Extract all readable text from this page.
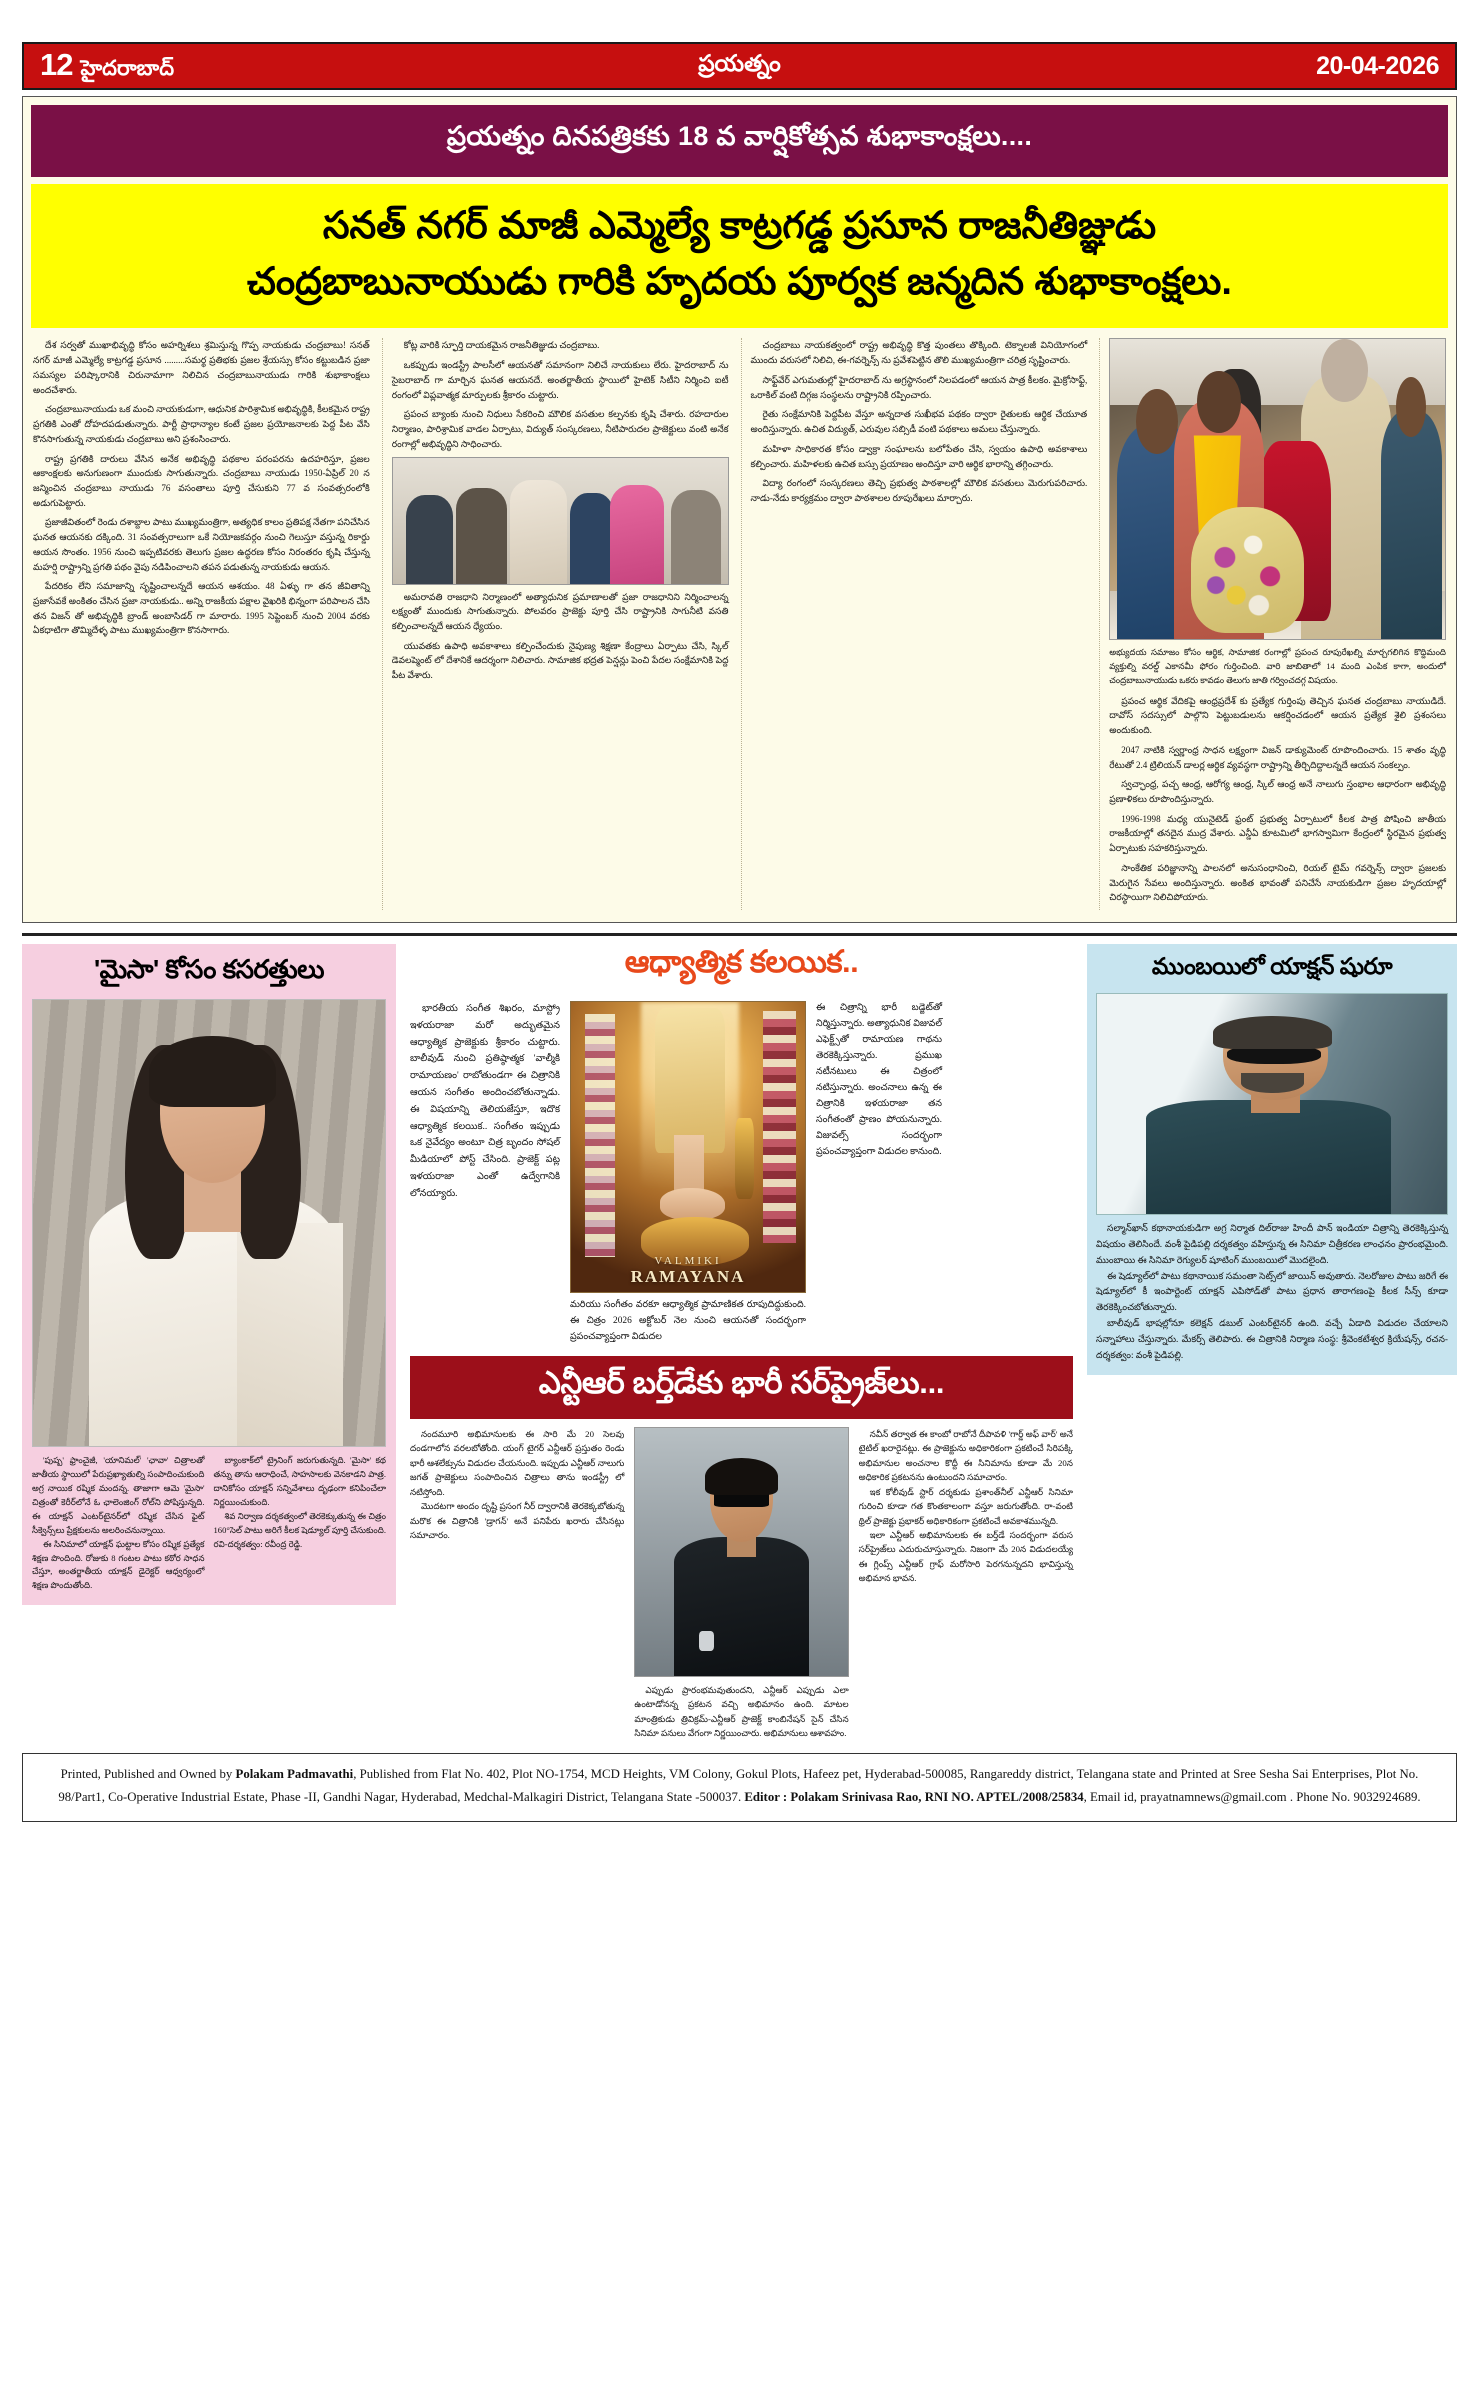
12 హైదరాబాద్	ప్రయత్నం	20-04-2026
ప్రయత్నం దినపత్రికకు 18 వ వార్షికోత్సవ శుభాకాంక్షలు....
సనత్ నగర్ మాజీ ఎమ్మెల్యే కాట్రగడ్డ ప్రసూన రాజనీతిజ్ఞుడు
చంద్రబాబునాయుడు గారికి హృదయ పూర్వక జన్మదిన శుభాకాంక్షలు.

దేశ సర్వతో ముఖాభివృద్ధి కోసం అహర్నిశలు శ్రమిస్తున్న గొప్ప నాయకుడు చంద్రబాబు! సనత్ నగర్ మాజీ ఎమ్మెల్యే కాట్రగడ్డ ప్రసూన .........సమర్థ ప్రతిభకు ప్రజల శ్రేయస్సు కోసం కట్టుబడిన ప్రజా సమస్యల పరిష్కారానికి చిరునామాగా నిలిచిన చంద్రబాబునాయుడు గారికి శుభాకాంక్షలు అందచేశారు.

చంద్రబాబునాయుడు ఒక మంచి నాయకుడుగా, ఆధునిక పారిశ్రామిక అభివృద్ధికి, కీలకమైన రాష్ట్ర ప్రగతికి ఎంతో దోహదపడుతున్నారు. పార్టీ ప్రాధాన్యాల కంటే ప్రజల ప్రయోజనాలకు పెద్ద పీట వేసి కొనసాగుతున్న నాయకుడు చంద్రబాబు అని ప్రశంసించారు.

రాష్ట్ర ప్రగతికి దారులు వేసిన అనేక అభివృద్ధి పథకాల పరంపరను ఉదహరిస్తూ, ప్రజల ఆకాంక్షలకు అనుగుణంగా ముందుకు సాగుతున్నారు. చంద్రబాబు నాయుడు 1950-ఏప్రిల్ 20 న జన్మించిన చంద్రబాబు నాయుడు 76 వసంతాలు పూర్తి చేసుకుని 77 వ సంవత్సరంలోకి అడుగుపెట్టారు.

ప్రజాజీవితంలో రెండు దశాబ్దాల పాటు ముఖ్యమంత్రిగా, అత్యధిక కాలం ప్రతిపక్ష నేతగా పనిచేసిన ఘనత ఆయనకు దక్కింది. 31 సంవత్సరాలుగా ఒకే నియోజకవర్గం నుంచి గెలుస్తూ వస్తున్న రికార్డు ఆయన సొంతం. 1956 నుంచి ఇప్పటివరకు తెలుగు ప్రజల ఉద్ధరణ కోసం నిరంతరం కృషి చేస్తున్న మహర్షి రాష్ట్రాన్ని ప్రగతి పథం వైపు నడిపించాలని తపన పడుతున్న నాయకుడు ఆయన.

పేదరికం లేని సమాజాన్ని సృష్టించాలన్నదే ఆయన ఆశయం. 48 ఏళ్ళు గా తన జీవితాన్ని ప్రజాసేవకే అంకితం చేసిన ప్రజా నాయకుడు.. అన్ని రాజకీయ పక్షాల వైఖరికి భిన్నంగా పరిపాలన చేసి తన విజన్ తో అభివృద్ధికి బ్రాండ్ అంబాసిడర్ గా మారారు. 1995 సెప్టెంబర్ నుంచి 2004 వరకు ఏకధాటిగా తొమ్మిదేళ్ళ పాటు ముఖ్యమంత్రిగా కొనసాగారు.

కోట్ల వారికి స్ఫూర్తి దాయకమైన రాజనీతిజ్ఞుడు చంద్రబాబు.

ఒకప్పుడు ఇండస్ట్రీ పాలసీలో ఆయనతో సమానంగా నిలిచే నాయకులు లేరు. హైదరాబాద్ ను సైబరాబాద్ గా మార్చిన ఘనత ఆయనదే. అంతర్జాతీయ స్థాయిలో హైటెక్ సిటీని నిర్మించి ఐటీ రంగంలో విప్లవాత్మక మార్పులకు శ్రీకారం చుట్టారు.

ప్రపంచ బ్యాంకు నుంచి నిధులు సేకరించి మౌలిక వసతుల కల్పనకు కృషి చేశారు. రహదారుల నిర్మాణం, పారిశ్రామిక వాడల ఏర్పాటు, విద్యుత్ సంస్కరణలు, నీటిపారుదల ప్రాజెక్టులు వంటి అనేక రంగాల్లో అభివృద్ధిని సాధించారు.

అమరావతి రాజధాని నిర్మాణంలో అత్యాధునిక ప్రమాణాలతో ప్రజా రాజధానిని నిర్మించాలన్న లక్ష్యంతో ముందుకు సాగుతున్నారు. పోలవరం ప్రాజెక్టు పూర్తి చేసి రాష్ట్రానికి సాగునీటి వసతి కల్పించాలన్నదే ఆయన ధ్యేయం.

యువతకు ఉపాధి అవకాశాలు కల్పించేందుకు నైపుణ్య శిక్షణా కేంద్రాలు ఏర్పాటు చేసి, స్కిల్ డెవలప్మెంట్ లో దేశానికే ఆదర్శంగా నిలిచారు. సామాజిక భద్రత పెన్షన్లు పెంచి పేదల సంక్షేమానికి పెద్ద పీట వేశారు.

చంద్రబాబు నాయకత్వంలో రాష్ట్ర అభివృద్ధి కొత్త పుంతలు తొక్కింది. టెక్నాలజీ వినియోగంలో ముందు వరుసలో నిలిచి, ఈ-గవర్నెన్స్ ను ప్రవేశపెట్టిన తొలి ముఖ్యమంత్రిగా చరిత్ర సృష్టించారు.

సాఫ్ట్‌వేర్ ఎగుమతుల్లో హైదరాబాద్ ను అగ్రస్థానంలో నిలపడంలో ఆయన పాత్ర కీలకం. మైక్రోసాఫ్ట్, ఒరాకిల్ వంటి దిగ్గజ సంస్థలను రాష్ట్రానికి రప్పించారు.

రైతు సంక్షేమానికి పెద్దపీట వేస్తూ అన్నదాత సుఖీభవ పథకం ద్వారా రైతులకు ఆర్థిక చేయూత అందిస్తున్నారు. ఉచిత విద్యుత్, ఎరువుల సబ్సిడీ వంటి పథకాలు అమలు చేస్తున్నారు.

మహిళా సాధికారత కోసం డ్వాక్రా సంఘాలను బలోపేతం చేసి, స్వయం ఉపాధి అవకాశాలు కల్పించారు. మహిళలకు ఉచిత బస్సు ప్రయాణం అందిస్తూ వారి ఆర్థిక భారాన్ని తగ్గించారు.

విద్యా రంగంలో సంస్కరణలు తెచ్చి ప్రభుత్వ పాఠశాలల్లో మౌలిక వసతులు మెరుగుపరిచారు. నాడు-నేడు కార్యక్రమం ద్వారా పాఠశాలల రూపురేఖలు మార్చారు.

అభ్యుదయ సమాజం కోసం ఆర్థిక, సామాజిక రంగాల్లో ప్రపంచ రూపురేఖల్ని మార్చగలిగిన కొద్దిమంది వ్యక్తుల్ని వరల్డ్ ఎకానమీ ఫోరం గుర్తించింది. వారి జాబితాలో 14 మంది ఎంపిక కాగా, అందులో చంద్రబాబునాయుడు ఒకరు కావడం తెలుగు జాతి గర్వించదగ్గ విషయం.

ప్రపంచ ఆర్థిక వేదికపై ఆంధ్రప్రదేశ్ కు ప్రత్యేక గుర్తింపు తెచ్చిన ఘనత చంద్రబాబు నాయుడిదే. దావోస్ సదస్సులో పాల్గొని పెట్టుబడులను ఆకర్షించడంలో ఆయన ప్రత్యేక శైలి ప్రశంసలు అందుకుంది.

2047 నాటికి స్వర్ణాంధ్ర సాధన లక్ష్యంగా విజన్ డాక్యుమెంట్ రూపొందించారు. 15 శాతం వృద్ధి రేటుతో 2.4 ట్రిలియన్ డాలర్ల ఆర్థిక వ్యవస్థగా రాష్ట్రాన్ని తీర్చిదిద్దాలన్నదే ఆయన సంకల్పం.

స్వచ్ఛాంధ్ర, పచ్చ ఆంధ్ర, ఆరోగ్య ఆంధ్ర, స్కిల్ ఆంధ్ర అనే నాలుగు స్తంభాల ఆధారంగా అభివృద్ధి ప్రణాళికలు రూపొందిస్తున్నారు.

1996-1998 మధ్య యునైటెడ్ ఫ్రంట్ ప్రభుత్వ ఏర్పాటులో కీలక పాత్ర పోషించి జాతీయ రాజకీయాల్లో తనదైన ముద్ర వేశారు. ఎన్డీఏ కూటమిలో భాగస్వామిగా కేంద్రంలో స్థిరమైన ప్రభుత్వ ఏర్పాటుకు సహకరిస్తున్నారు.

సాంకేతిక పరిజ్ఞానాన్ని పాలనలో అనుసంధానించి, రియల్ టైమ్ గవర్నెన్స్ ద్వారా ప్రజలకు మెరుగైన సేవలు అందిస్తున్నారు. అంకిత భావంతో పనిచేసే నాయకుడిగా ప్రజల హృదయాల్లో చిరస్థాయిగా నిలిచిపోయారు.

'మైసా' కోసం కసరత్తులు

'పుష్ప' ఫ్రాంచైజీ, 'యానిమల్' 'ఛావా' చిత్రాలతో జాతీయ స్థాయిలో పేరుప్రఖ్యాతుల్ని సంపాదించుకుంది అగ్ర నాయిక రష్మిక మందన్న. తాజాగా ఆమె 'మైసా' చిత్రంతో కెరీర్‌లోనే ఓ ఛాలెంజింగ్ రోల్‌ని పోషిస్తున్నది. ఈ యాక్షన్ ఎంటర్‌టైనర్‌లో రష్మిక చేసిన ఫైట్ సీక్వెన్స్‌లు ప్రేక్షకులను అలరించనున్నాయి.

ఈ సినిమాలో యాక్షన్ ఘట్టాల కోసం రష్మిక ప్రత్యేక శిక్షణ పొందింది. రోజుకు 8 గంటల పాటు కఠోర సాధన చేస్తూ, అంతర్జాతీయ యాక్షన్ డైరెక్టర్ ఆధ్వర్యంలో శిక్షణ పొందుతోంది.

బ్యాంకాక్‌లో ట్రైనింగ్ జరుగుతున్నది. 'మైసా' కథ తన్ను తాను ఆరాధించే, సాహసాలకు వెనకాడని పాత్ర. దానికోసం యాక్షన్ సన్నివేశాలు దృఢంగా కనిపించేలా నిర్ణయించుకుంది.

శివ నిర్వాణ దర్శకత్వంలో తెరకెక్కుతున్న ఈ చిత్రం 160°సెల్ పాటు అరిగే కీలక షెడ్యూల్ పూర్తి చేసుకుంది. రవి-దర్శకత్వం: రవీంద్ర రెడ్డి.

ఆధ్యాత్మిక కలయిక..

భారతీయ సంగీత శిఖరం, మాస్ట్రో ఇళయరాజా మరో అద్భుతమైన ఆధ్యాత్మిక ప్రాజెక్టుకు శ్రీకారం చుట్టారు. బాలీవుడ్ నుంచి ప్రతిష్ఠాత్మక 'వాల్మీకి రామాయణం' రాబోతుండగా ఈ చిత్రానికి ఆయన సంగీతం అందించబోతున్నాడు. ఈ విషయాన్ని తెలియజేస్తూ, ఇదొక ఆధ్యాత్మిక కలయిక.. సంగీతం ఇప్పుడు ఒక నైవేద్యం అంటూ చిత్ర బృందం సోషల్ మీడియాలో పోస్ట్ చేసింది. ప్రాజెక్ట్ పట్ల ఇళయరాజా ఎంతో ఉద్వేగానికి లోనయ్యారు.

VALMIKI
RAMAYANA
మరియు సంగీతం వరకూ ఆధ్యాత్మిక ప్రామాణికత రూపుదిద్దుకుంది. ఈ చిత్రం 2026 అక్టోబర్ నెల నుంచి ఆయనతో సందర్భంగా ప్రపంచవ్యాప్తంగా విడుదల

ఈ చిత్రాన్ని భారీ బడ్జెట్‌తో నిర్మిస్తున్నారు. అత్యాధునిక విజువల్ ఎఫెక్ట్స్‌తో రామాయణ గాథను తెరకెక్కిస్తున్నారు. ప్రముఖ నటీనటులు ఈ చిత్రంలో నటిస్తున్నారు. అంచనాలు ఉన్న ఈ చిత్రానికి ఇళయరాజా తన సంగీతంతో ప్రాణం పోయనున్నారు. విజువల్స్ సందర్భంగా ప్రపంచవ్యాప్తంగా విడుదల కానుంది.

ఎన్టీఆర్ బర్త్‌డేకు భారీ సర్‌ప్రైజ్‌లు...

నందమూరి అభిమానులకు ఈ సారి మే 20 సెలవు దండగాలోన వరలబోతోంది. యంగ్ టైగర్ ఎన్టీఆర్ ప్రస్తుతం రెండు భారీ ఆశలేక్సును విడుదల చేయనుంది. ఇప్పుడు ఎన్టీఆర్ నాలుగు జగత్ ప్రాజెక్టులు సంపాదించిన చిత్రాలు తాను ఇండస్ట్రీ లో నటిస్తోంది.

మొదటగా అందం దృష్టి ప్రసంగ నీర్ ద్వారానికి తెరకెక్కబోతున్న మరొక ఈ చిత్రానికి 'డ్రాగన్' అనే పనిపేరు ఖరారు చేసినట్లు సమాచారం.

ఎప్పుడు ప్రారంభమవుతుందని, ఎన్టీఆర్ ఎప్పుడు ఎలా ఉంటాడోనన్న ప్రకటన వచ్చి అభిమానం ఉంది. మాటల మాంత్రికుడు త్రివిక్రమ్-ఎన్టీఆర్ ప్రాజెక్ట్ కాంబినేషన్ సైన్ చేసిన సినిమా పనులు వేగంగా నిర్ణయించారు. అభిమానులు ఆశావహం.

నవీన్ తర్వాత ఈ కాంబో రాబోనే దీపావళి 'గార్డ్ అఫ్ వార్' అనే టైటిల్ ఖరారైనట్లు. ఈ ప్రాజెక్టును అధికారికంగా ప్రకటించే సిరిపక్కి అభిమానుల అంచనాల కొద్దీ ఈ సినిమాను కూడా మే 20న అధికారిక ప్రకటనను ఉంటుందని సమాచారం.

ఇక కోలీవుడ్ స్టార్ దర్శకుడు ప్రశాంత్‌నీల్ ఎన్టీఆర్ సినిమా గురించి కూడా గత కొంతకాలంగా వస్తూ జరుగుతోంది. రా-వంటి థ్రిల్ ప్రాజెక్టు ప్రభాకర్ అధికారికంగా ప్రకటించే అవకాశమున్నది.

ఇలా ఎన్టీఆర్ అభిమానులకు ఈ బర్త్‌డే సందర్భంగా వరుస సర్‌ప్రైజ్‌లు ఎదురుచూస్తున్నారు. నిజంగా మే 20న విడుదలయ్యే ఈ గ్లింప్స్ ఎన్టీఆర్ గ్రాఫ్ మరోసారి పెరగనున్నదని భావిస్తున్న అభిమాన భావన.

ముంబయిలో యాక్షన్ షురూ

సల్మాన్‌ఖాన్ కథానాయకుడిగా అగ్ర నిర్మాత దిల్‌రాజు హిందీ పాన్ ఇండియా చిత్రాన్ని తెరకెక్కిస్తున్న విషయం తెలిసిందే. వంశీ పైడిపల్లి దర్శకత్వం వహిస్తున్న ఈ సినిమా చిత్రీకరణ లాంఛనం ప్రారంభమైంది. ముంబాయి ఈ సినిమా రెగ్యులర్ షూటింగ్ ముంబయిలో మొదలైంది.

ఈ షెడ్యూల్‌లో పాటు కథానాయిక సమంతా సెట్స్‌లో జాయిన్ అవుతారు. నెలరోజుల పాటు జరిగే ఈ షెడ్యూల్‌లో కీ ఇంపార్టెంట్ యాక్షన్ ఎపిసోడ్‌తో పాటు ప్రధాన తారాగణంపై కీలక సీన్స్ కూడా తెరకెక్కించబోతున్నారు.

బాలీవుడ్ భాషల్లోనూ కలెక్షన్ డబుల్ ఎంటర్‌టైనర్ ఉంది. వచ్చే ఏడాది విడుదల చేయాలని సన్నాహాలు చేస్తున్నారు. మేకర్స్ తెలిపారు. ఈ చిత్రానికి నిర్మాణ సంస్థ: శ్రీవెంకటేశ్వర క్రియేషన్స్, రచన-దర్శకత్వం: వంశీ పైడిపల్లి.

Printed, Published and Owned by Polakam Padmavathi, Published from Flat No. 402, Plot NO-1754, MCD Heights, VM Colony, Gokul Plots, Hafeez pet, Hyderabad-500085, Rangareddy district, Telangana state and Printed at Sree Sesha Sai Enterprises, Plot No. 98/Part1, Co-Operative Industrial Estate, Phase -II, Gandhi Nagar, Hyderabad, Medchal-Malkagiri District, Telangana State -500037. Editor : Polakam Srinivasa Rao, RNI NO. APTEL/2008/25834, Email id, prayatnamnews@gmail.com . Phone No. 9032924689.
